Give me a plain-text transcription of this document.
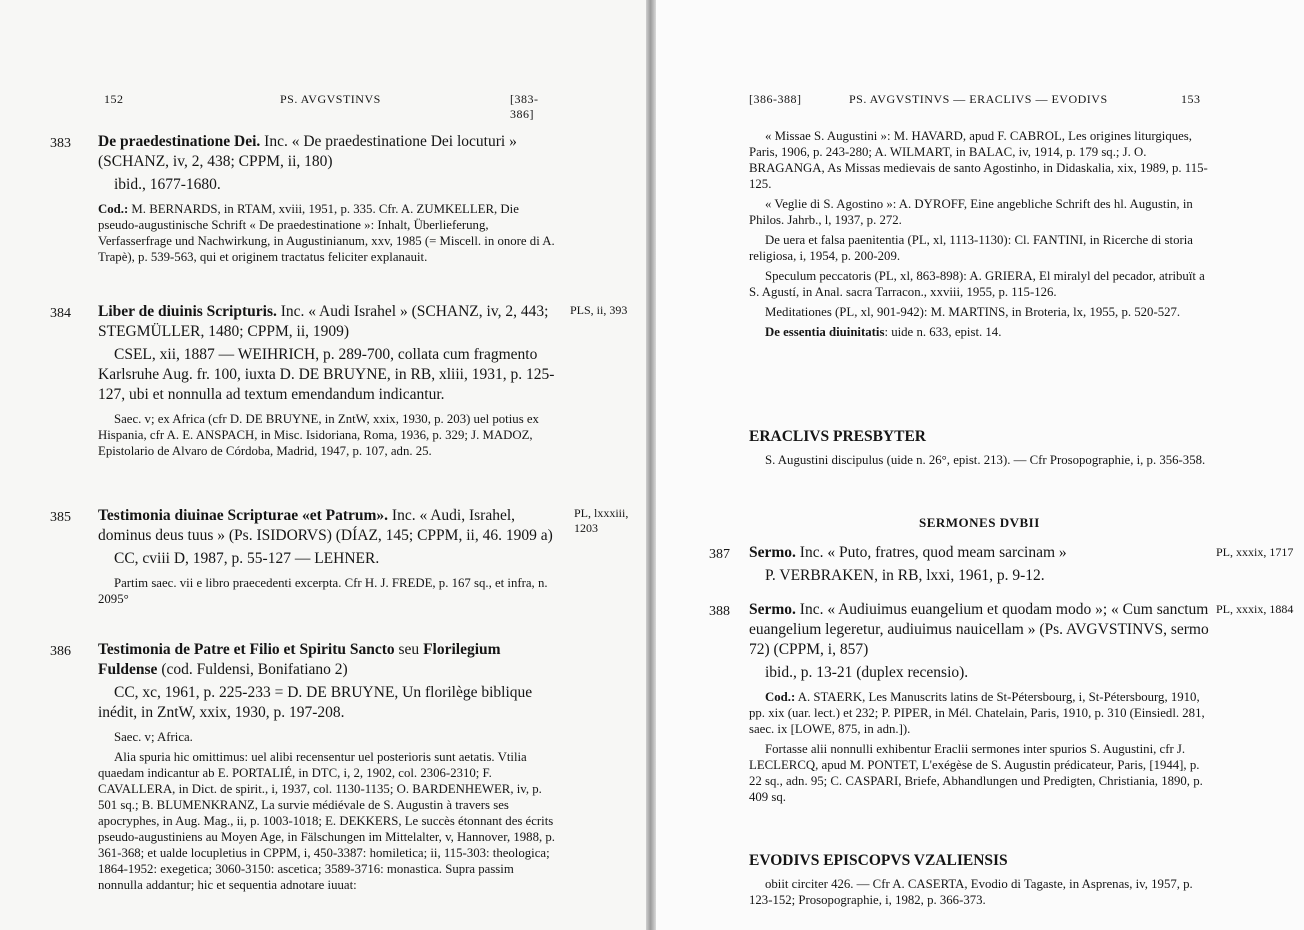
152	PS. AVGVSTINVS	[383-386]
383 De praedestinatione Dei. Inc. « De praedestinatione Dei locuturi » (SCHANZ, iv, 2, 438; CPPM, ii, 180)

ibid., 1677-1680.

Cod.: M. BERNARDS, in RTAM, xviii, 1951, p. 335. Cfr. A. ZUMKELLER, Die pseudo-augustinische Schrift « De praedestinatione »: Inhalt, Überlieferung, Verfasserfrage und Nachwirkung, in Augustinianum, xxv, 1985 (= Miscell. in onore di A. Trapè), p. 539-563, qui et originem tractatus feliciter explanauit.

384 Liber de diuinis Scripturis. Inc. « Audi Israhel » (SCHANZ, iv, 2, 443; STEGMÜLLER, 1480; CPPM, ii, 1909)

CSEL, xii, 1887 — WEIHRICH, p. 289-700, collata cum fragmento Karlsruhe Aug. fr. 100, iuxta D. DE BRUYNE, in RB, xliii, 1931, p. 125-127, ubi et nonnulla ad textum emendandum indicantur.

Saec. v; ex Africa (cfr D. DE BRUYNE, in ZntW, xxix, 1930, p. 203) uel potius ex Hispania, cfr A. E. ANSPACH, in Misc. Isidoriana, Roma, 1936, p. 329; J. MADOZ, Epistolario de Alvaro de Córdoba, Madrid, 1947, p. 107, adn. 25.

PLS, ii, 393
385 Testimonia diuinae Scripturae «et Patrum». Inc. « Audi, Israhel, dominus deus tuus » (Ps. ISIDORVS) (DÍAZ, 145; CPPM, ii, 46. 1909 a)

CC, cviii D, 1987, p. 55-127 — LEHNER.

Partim saec. vii e libro praecedenti excerpta. Cfr H. J. FREDE, p. 167 sq., et infra, n. 2095°

PL, lxxxiii, 1203
386 Testimonia de Patre et Filio et Spiritu Sancto seu Florilegium Fuldense (cod. Fuldensi, Bonifatiano 2)

CC, xc, 1961, p. 225-233 = D. DE BRUYNE, Un florilège biblique inédit, in ZntW, xxix, 1930, p. 197-208.

Saec. v; Africa.

Alia spuria hic omittimus: uel alibi recensentur uel posterioris sunt aetatis. Vtilia quaedam indicantur ab E. PORTALIÉ, in DTC, i, 2, 1902, col. 2306-2310; F. CAVALLERA, in Dict. de spirit., i, 1937, col. 1130-1135; O. BARDENHEWER, iv, p. 501 sq.; B. BLUMENKRANZ, La survie médiévale de S. Augustin à travers ses apocryphes, in Aug. Mag., ii, p. 1003-1018; E. DEKKERS, Le succès étonnant des écrits pseudo-augustiniens au Moyen Age, in Fälschungen im Mittelalter, v, Hannover, 1988, p. 361-368; et ualde locupletius in CPPM, i, 450-3387: homiletica; ii, 115-303: theologica; 1864-1952: exegetica; 3060-3150: ascetica; 3589-3716: monastica. Supra passim nonnulla addantur; hic et sequentia adnotare iuuat:

[386-388]	PS. AVGVSTINVS — ERACLIVS — EVODIVS	153

« Missae S. Augustini »: M. HAVARD, apud F. CABROL, Les origines liturgiques, Paris, 1906, p. 243-280; A. WILMART, in BALAC, iv, 1914, p. 179 sq.; J. O. BRAGANGA, As Missas medievais de santo Agostinho, in Didaskalia, xix, 1989, p. 115-125.

« Veglie di S. Agostino »: A. DYROFF, Eine angebliche Schrift des hl. Augustin, in Philos. Jahrb., l, 1937, p. 272.

De uera et falsa paenitentia (PL, xl, 1113-1130): Cl. FANTINI, in Ricerche di storia religiosa, i, 1954, p. 200-209.

Speculum peccatoris (PL, xl, 863-898): A. GRIERA, El miralyl del pecador, atribuït a S. Agustí, in Anal. sacra Tarracon., xxviii, 1955, p. 115-126.

Meditationes (PL, xl, 901-942): M. MARTINS, in Broteria, lx, 1955, p. 520-527.

De essentia diuinitatis: uide n. 633, epist. 14.

ERACLIVS PRESBYTER

S. Augustini discipulus (uide n. 26°, epist. 213). — Cfr Prosopographie, i, p. 356-358.

SERMONES DVBII
387 Sermo. Inc. « Puto, fratres, quod meam sarcinam »

P. VERBRAKEN, in RB, lxxi, 1961, p. 9-12.

PL, xxxix, 1717
388 Sermo. Inc. « Audiuimus euangelium et quodam modo »; « Cum sanctum euangelium legeretur, audiuimus nauicellam » (Ps. AVGVSTINVS, sermo 72) (CPPM, i, 857)

ibid., p. 13-21 (duplex recensio).

Cod.: A. STAERK, Les Manuscrits latins de St-Pétersbourg, i, St-Pétersbourg, 1910, pp. xix (uar. lect.) et 232; P. PIPER, in Mél. Chatelain, Paris, 1910, p. 310 (Einsiedl. 281, saec. ix [LOWE, 875, in adn.]).

Fortasse alii nonnulli exhibentur Eraclii sermones inter spurios S. Augustini, cfr J. LECLERCQ, apud M. PONTET, L'exégèse de S. Augustin prédicateur, Paris, [1944], p. 22 sq., adn. 95; C. CASPARI, Briefe, Abhandlungen und Predigten, Christiania, 1890, p. 409 sq.

PL, xxxix, 1884
EVODIVS EPISCOPVS VZALIENSIS

obiit circiter 426. — Cfr A. CASERTA, Evodio di Tagaste, in Asprenas, iv, 1957, p. 123-152; Prosopographie, i, 1982, p. 366-373.
